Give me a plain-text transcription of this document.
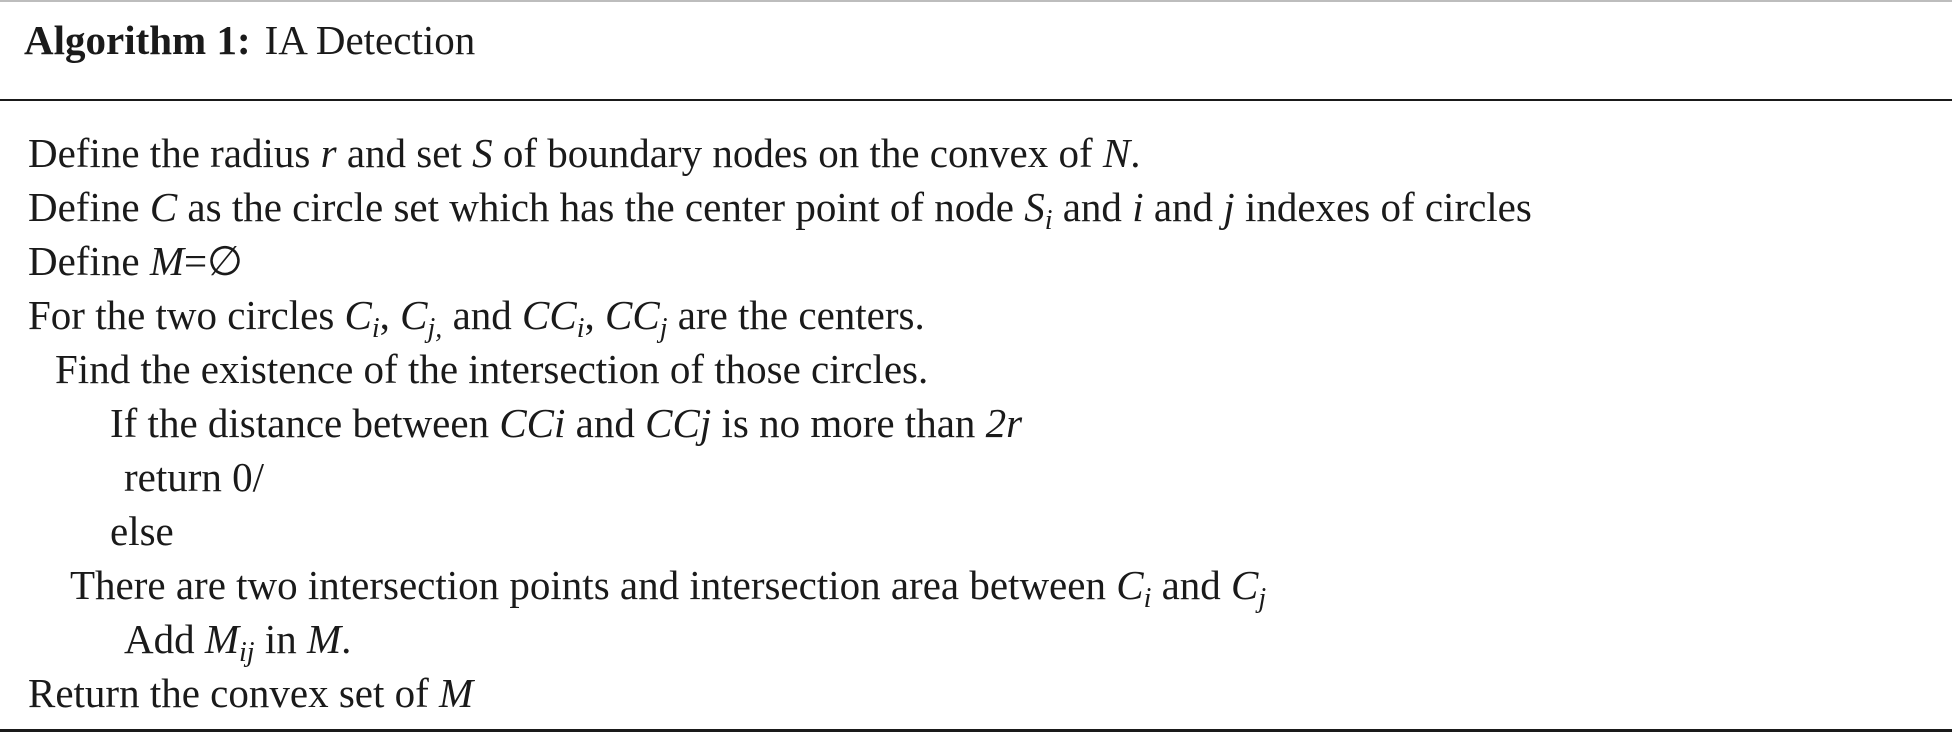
Algorithm 1: IA Detection
Define the radius r and set S of boundary nodes on the convex of N.
Define C as the circle set which has the center point of node $S_i$ and i and j indexes of circles
Define M=∅
For the two circles $C_i$, $C_{j,}$ and $CC_i$, $CC_j$ are the centers.
Find the existence of the intersection of those circles.
If the distance between CCi and CCj is no more than 2r
return 0/
else
There are two intersection points and intersection area between $C_i$ and $C_j$
Add $M_{ij}$ in M.
Return the convex set of M
